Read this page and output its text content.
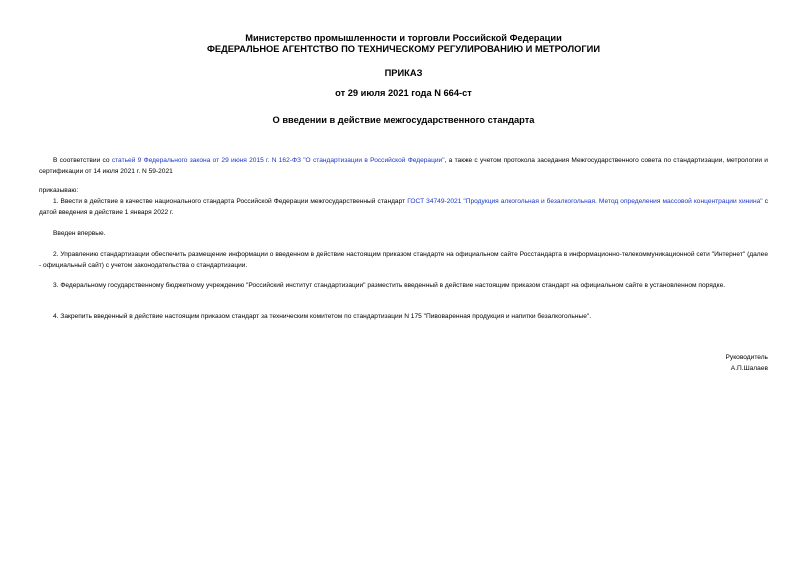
Министерство промышленности и торговли Российской Федерации
ФЕДЕРАЛЬНОЕ АГЕНТСТВО ПО ТЕХНИЧЕСКОМУ РЕГУЛИРОВАНИЮ И МЕТРОЛОГИИ
ПРИКАЗ
от 29 июля 2021 года N 664-ст
О введении в действие межгосударственного стандарта
В соответствии со статьей 9 Федерального закона от 29 июня 2015 г. N 162-ФЗ "О стандартизации в Российской Федерации", а также с учетом протокола заседания Межгосударственного совета по стандартизации, метрологии и сертификации от 14 июля 2021 г. N 59-2021
приказываю:
1. Ввести в действие в качестве национального стандарта Российской Федерации межгосударственный стандарт ГОСТ 34749-2021 "Продукция алкогольная и безалкогольная. Метод определения массовой концентрации хинина" с датой введения в действие 1 января 2022 г.
Введен впервые.
2. Управлению стандартизации обеспечить размещение информации о введенном в действие настоящим приказом стандарте на официальном сайте Росстандарта в информационно-телекоммуникационной сети "Интернет" (далее - официальный сайт) с учетом законодательства о стандартизации.
3. Федеральному государственному бюджетному учреждению "Российский институт стандартизации" разместить введенный в действие настоящим приказом стандарт на официальном сайте в установленном порядке.
4. Закрепить введенный в действие настоящим приказом стандарт за техническим комитетом по стандартизации N 175 "Пивоваренная продукция и напитки безалкогольные".
Руководитель
А.П.Шалаев
